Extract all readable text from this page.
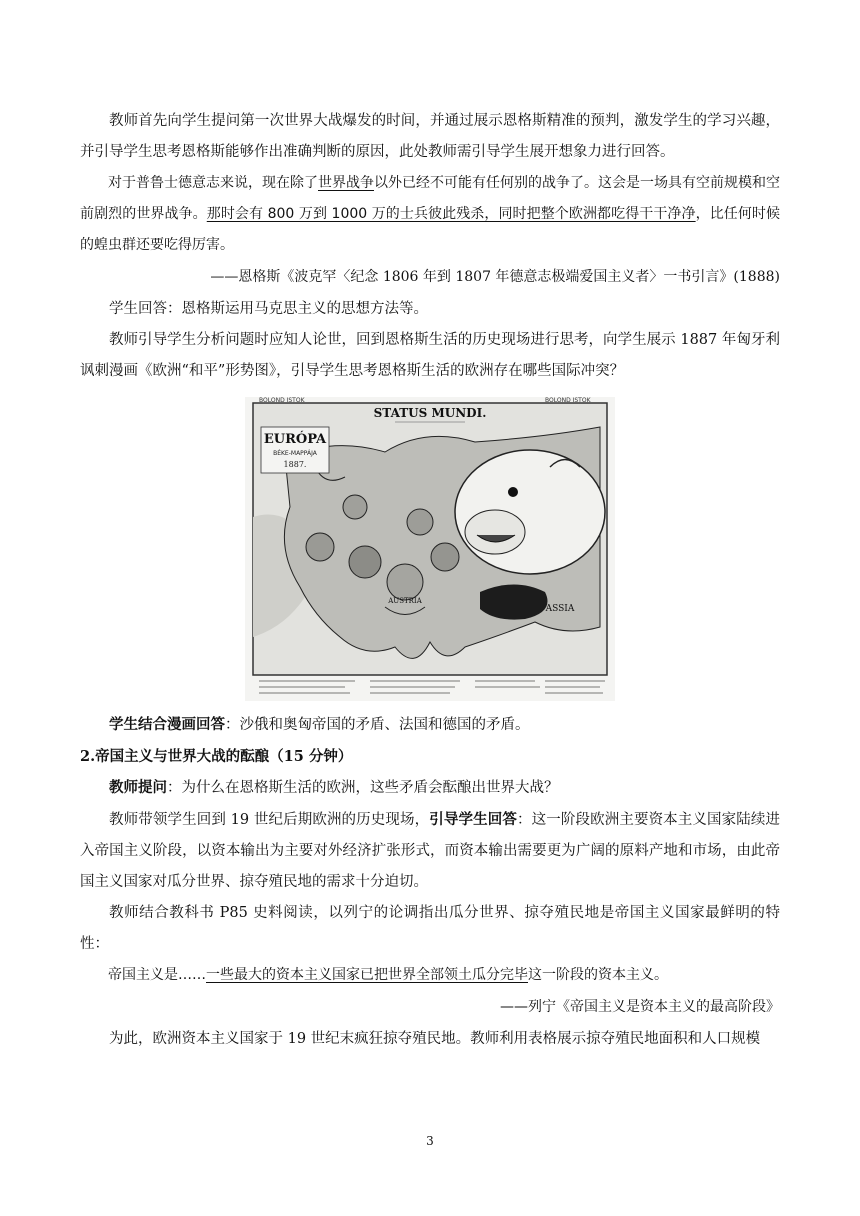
教师首先向学生提问第一次世界大战爆发的时间，并通过展示恩格斯精准的预判，激发学生的学习兴趣，并引导学生思考恩格斯能够作出准确判断的原因，此处教师需引导学生展开想象力进行回答。

对于普鲁士德意志来说，现在除了世界战争以外已经不可能有任何别的战争了。这会是一场具有空前规模和空前剧烈的世界战争。那时会有 800 万到 1000 万的士兵彼此残杀，同时把整个欧洲都吃得干干净净，比任何时候的蝗虫群还要吃得厉害。

——恩格斯《波克罕〈纪念 1806 年到 1807 年德意志极端爱国主义者〉一书引言》(1888)

学生回答：恩格斯运用马克思主义的思想方法等。

教师引导学生分析问题时应知人论世，回到恩格斯生活的历史现场进行思考，向学生展示 1887 年匈牙利讽刺漫画《欧洲“和平”形势图》，引导学生思考恩格斯生活的欧洲存在哪些国际冲突？

BOLOND ISTOK	BOLOND ISTOK
STATUS MUNDI.
EURÓPA
BÉKE-MAPPÁJA
1887.
AUSTRIA
ASSIA

学生结合漫画回答：沙俄和奥匈帝国的矛盾、法国和德国的矛盾。

2.帝国主义与世界大战的酝酿（15 分钟）

教师提问：为什么在恩格斯生活的欧洲，这些矛盾会酝酿出世界大战？

教师带领学生回到 19 世纪后期欧洲的历史现场，引导学生回答：这一阶段欧洲主要资本主义国家陆续进入帝国主义阶段，以资本输出为主要对外经济扩张形式，而资本输出需要更为广阔的原料产地和市场，由此帝国主义国家对瓜分世界、掠夺殖民地的需求十分迫切。

教师结合教科书 P85 史料阅读，以列宁的论调指出瓜分世界、掠夺殖民地是帝国主义国家最鲜明的特性：

帝国主义是……一些最大的资本主义国家已把世界全部领土瓜分完毕这一阶段的资本主义。

——列宁《帝国主义是资本主义的最高阶段》

为此，欧洲资本主义国家于 19 世纪末疯狂掠夺殖民地。教师利用表格展示掠夺殖民地面积和人口规模

3
